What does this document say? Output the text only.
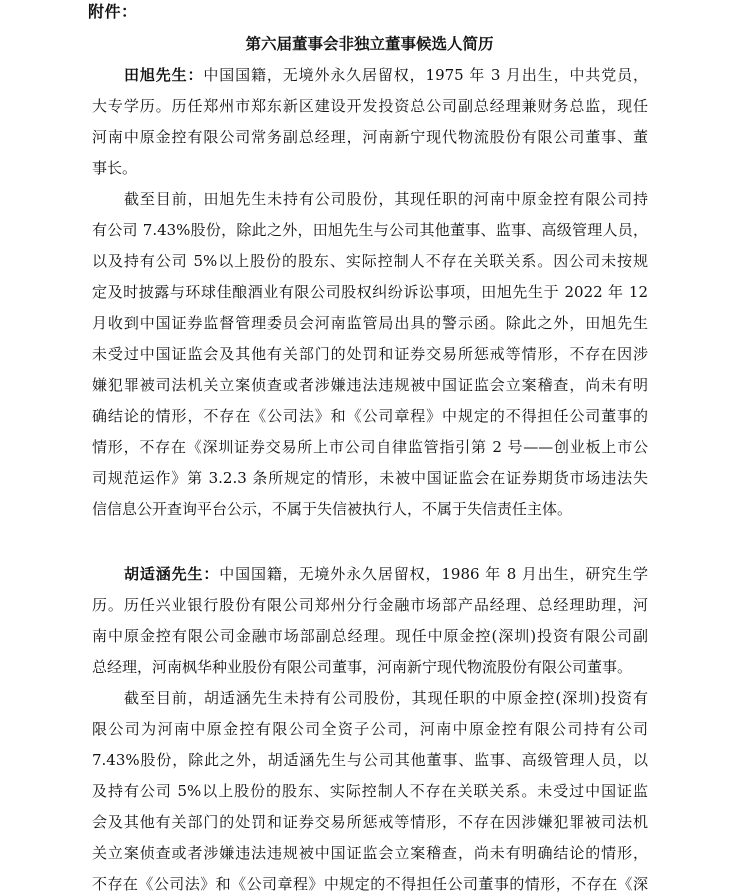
附件：
第六届董事会非独立董事候选人简历
田旭先生：中国国籍，无境外永久居留权，1975 年 3 月出生，中共党员，
大专学历。历任郑州市郑东新区建设开发投资总公司副总经理兼财务总监，现任
河南中原金控有限公司常务副总经理，河南新宁现代物流股份有限公司董事、董
事长。
截至目前，田旭先生未持有公司股份，其现任职的河南中原金控有限公司持
有公司 7.43%股份，除此之外，田旭先生与公司其他董事、监事、高级管理人员，
以及持有公司 5%以上股份的股东、实际控制人不存在关联关系。因公司未按规
定及时披露与环球佳酿酒业有限公司股权纠纷诉讼事项，田旭先生于 2022 年 12
月收到中国证券监督管理委员会河南监管局出具的警示函。除此之外，田旭先生
未受过中国证监会及其他有关部门的处罚和证券交易所惩戒等情形，不存在因涉
嫌犯罪被司法机关立案侦查或者涉嫌违法违规被中国证监会立案稽查，尚未有明
确结论的情形，不存在《公司法》和《公司章程》中规定的不得担任公司董事的
情形，不存在《深圳证券交易所上市公司自律监管指引第 2 号——创业板上市公
司规范运作》第 3.2.3 条所规定的情形，未被中国证监会在证券期货市场违法失
信信息公开查询平台公示，不属于失信被执行人，不属于失信责任主体。
胡适涵先生：中国国籍，无境外永久居留权，1986 年 8 月出生，研究生学
历。历任兴业银行股份有限公司郑州分行金融市场部产品经理、总经理助理，河
南中原金控有限公司金融市场部副总经理。现任中原金控(深圳)投资有限公司副
总经理，河南枫华种业股份有限公司董事，河南新宁现代物流股份有限公司董事。
截至目前，胡适涵先生未持有公司股份，其现任职的中原金控(深圳)投资有
限公司为河南中原金控有限公司全资子公司，河南中原金控有限公司持有公司
7.43%股份，除此之外，胡适涵先生与公司其他董事、监事、高级管理人员，以
及持有公司 5%以上股份的股东、实际控制人不存在关联关系。未受过中国证监
会及其他有关部门的处罚和证券交易所惩戒等情形，不存在因涉嫌犯罪被司法机
关立案侦查或者涉嫌违法违规被中国证监会立案稽查，尚未有明确结论的情形，
不存在《公司法》和《公司章程》中规定的不得担任公司董事的情形，不存在《深
